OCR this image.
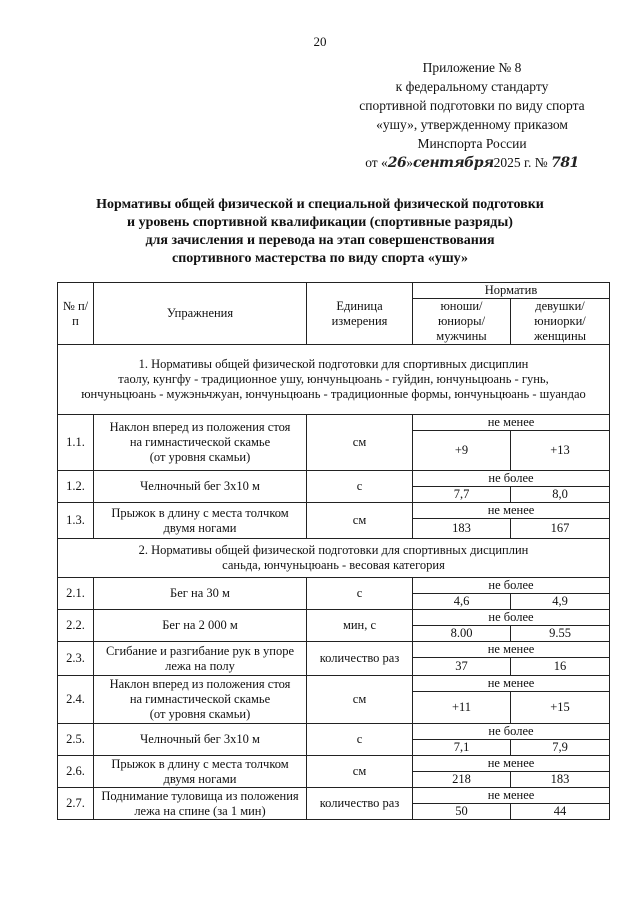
20
Приложение № 8
к федеральному стандарту
спортивной подготовки по виду спорта
«ушу», утвержденному приказом
Минспорта России
от «26»сентября2025 г. № 781
Нормативы общей физической и специальной физической подготовки
и уровень спортивной квалификации (спортивные разряды)
для зачисления и перевода на этап совершенствования
спортивного мастерства по виду спорта «ушу»
№ п/п	Упражнения	Единица измерения	Норматив	
			юноши/ юниоры/ мужчины	девушки/ юниорки/ женщины

1. Нормативы общей физической подготовки для спортивных дисциплин
таолу, кунгфу - традиционное ушу, юнчуньцюань - гуйдин, юнчуньцюань - гунь,
юнчуньцюань - мужэньчжуан, юнчуньцюань - традиционные формы, юнчуньцюань - шуандао				

1.1.	Наклон вперед из положения стоя
на гимнастической скамье
(от уровня скамьи)	см	не менее	
			+9	+13
1.2.	Челночный бег 3x10 м	с	не более	
			7,7	8,0
1.3.	Прыжок в длину с места толчком
двумя ногами	см	не менее	
			183	167

2. Нормативы общей физической подготовки для спортивных дисциплин
саньда, юнчуньцюань - весовая категория				

2.1.	Бег на 30 м	с	не более	
			4,6	4,9
2.2.	Бег на 2 000 м	мин, с	не более	
			8.00	9.55
2.3.	Сгибание и разгибание рук в упоре
лежа на полу	количество раз	не менее	
			37	16
2.4.	Наклон вперед из положения стоя
на гимнастической скамье
(от уровня скамьи)	см	не менее	
			+11	+15
2.5.	Челночный бег 3x10 м	с	не более	
			7,1	7,9
2.6.	Прыжок в длину с места толчком
двумя ногами	см	не менее	
			218	183
2.7.	Поднимание туловища из положения
лежа на спине (за 1 мин)	количество раз	не менее	
			50	44
